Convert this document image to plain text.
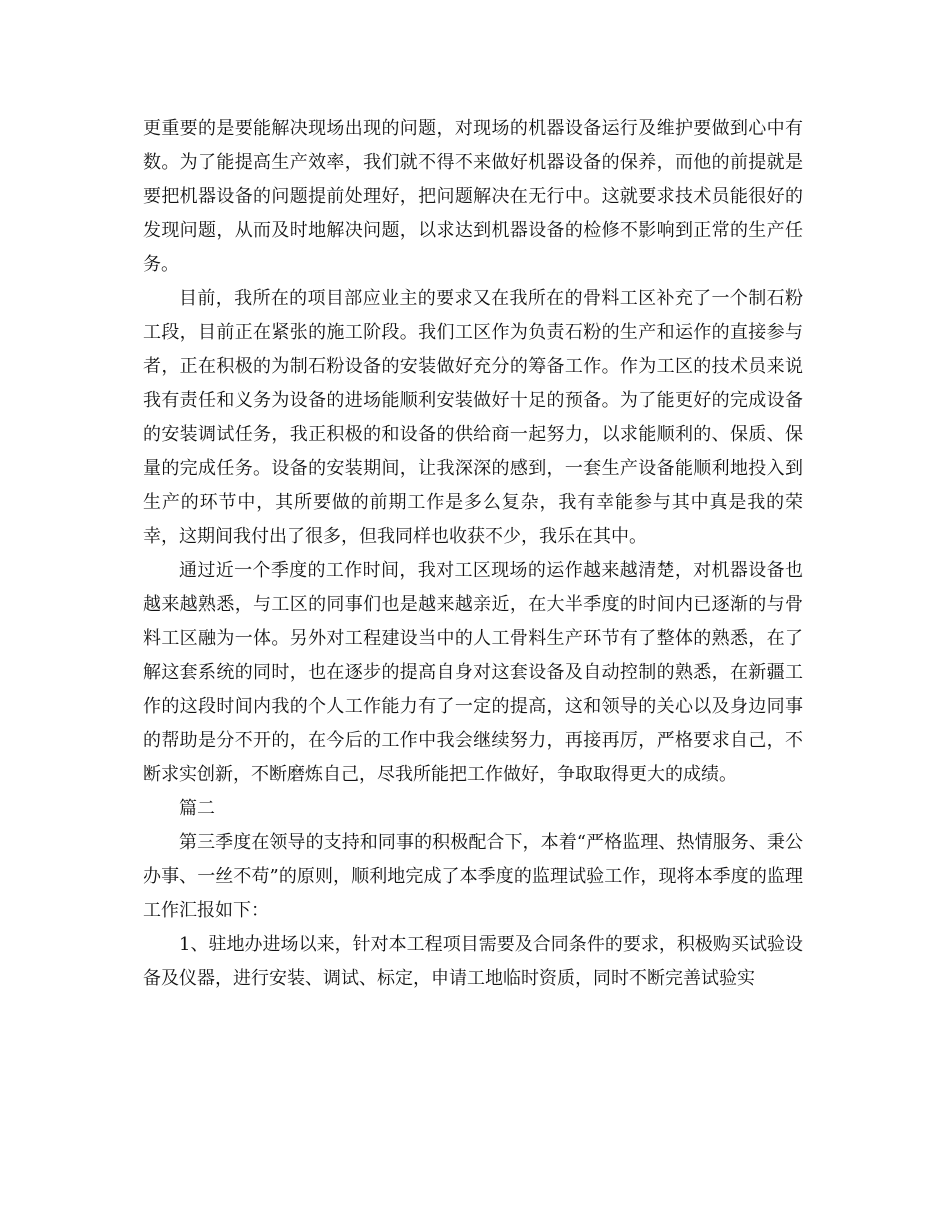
更重要的是要能解决现场出现的问题，对现场的机器设备运行及维护要做到心中有数。为了能提高生产效率，我们就不得不来做好机器设备的保养，而他的前提就是要把机器设备的问题提前处理好，把问题解决在无行中。这就要求技术员能很好的发现问题，从而及时地解决问题，以求达到机器设备的检修不影响到正常的生产任务。

目前，我所在的项目部应业主的要求又在我所在的骨料工区补充了一个制石粉工段，目前正在紧张的施工阶段。我们工区作为负责石粉的生产和运作的直接参与者，正在积极的为制石粉设备的安装做好充分的筹备工作。作为工区的技术员来说我有责任和义务为设备的进场能顺利安装做好十足的预备。为了能更好的完成设备的安装调试任务，我正积极的和设备的供给商一起努力，以求能顺利的、保质、保量的完成任务。设备的安装期间，让我深深的感到，一套生产设备能顺利地投入到生产的环节中，其所要做的前期工作是多么复杂，我有幸能参与其中真是我的荣幸，这期间我付出了很多，但我同样也收获不少，我乐在其中。

通过近一个季度的工作时间，我对工区现场的运作越来越清楚，对机器设备也越来越熟悉，与工区的同事们也是越来越亲近，在大半季度的时间内已逐渐的与骨料工区融为一体。另外对工程建设当中的人工骨料生产环节有了整体的熟悉，在了解这套系统的同时，也在逐步的提高自身对这套设备及自动控制的熟悉，在新疆工作的这段时间内我的个人工作能力有了一定的提高，这和领导的关心以及身边同事的帮助是分不开的，在今后的工作中我会继续努力，再接再厉，严格要求自己，不断求实创新，不断磨炼自己，尽我所能把工作做好，争取取得更大的成绩。

篇二

第三季度在领导的支持和同事的积极配合下，本着“严格监理、热情服务、秉公办事、一丝不苟”的原则，顺利地完成了本季度的监理试验工作，现将本季度的监理工作汇报如下：

1、驻地办进场以来，针对本工程项目需要及合同条件的要求，积极购买试验设备及仪器，进行安装、调试、标定，申请工地临时资质，同时不断完善试验实
